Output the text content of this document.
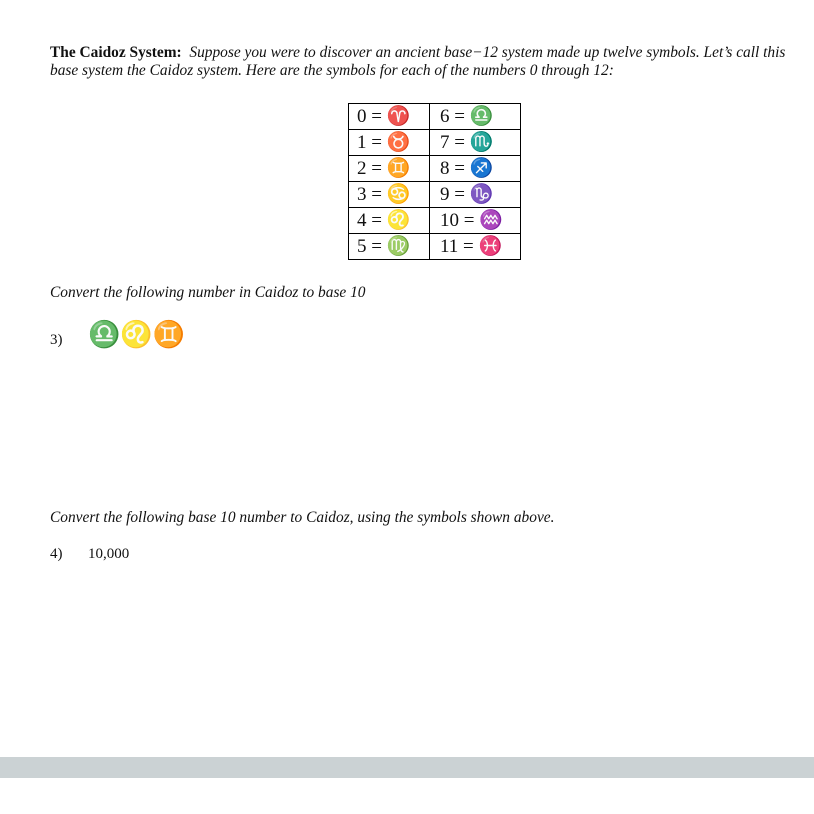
The Caidoz System: Suppose you were to discover an ancient base−12 system made up twelve symbols. Let’s call this base system the Caidoz system. Here are the symbols for each of the numbers 0 through 12:
0 = ♈	6 = ♎
1 = ♉	7 = ♏
2 = ♊	8 = ♐
3 = ♋	9 = ♑
4 = ♌	10 = ♒
5 = ♍	11 = ♓
Convert the following number in Caidoz to base 10
3) ♎♌♊
Convert the following base 10 number to Caidoz, using the symbols shown above.
4) 10,000
